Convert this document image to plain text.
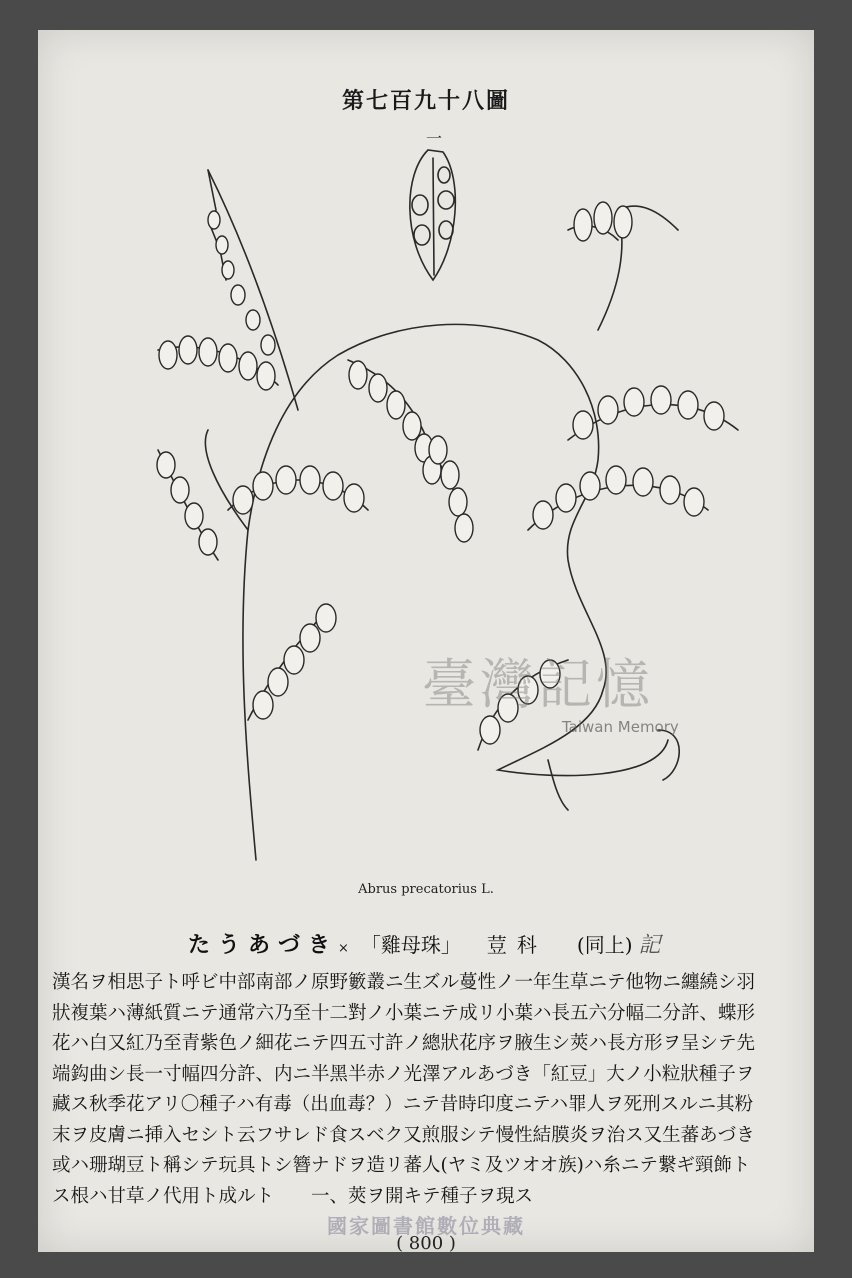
第七百九十八圖
一
臺灣記憶
Taiwan Memory
Abrus precatorius L.
たうあづき× 「雞母珠」 荳科 (同上) 記
漢名ヲ相思子ト呼ビ中部南部ノ原野籔叢ニ生ズル蔓性ノ一年生草ニテ他物ニ纏繞シ羽
狀複葉ハ薄紙質ニテ通常六乃至十二對ノ小葉ニテ成リ小葉ハ長五六分幅二分許、蝶形
花ハ白又紅乃至青紫色ノ細花ニテ四五寸許ノ總狀花序ヲ腋生シ莢ハ長方形ヲ呈シテ先
端鈎曲シ長一寸幅四分許、内ニ半黑半赤ノ光澤アルあづき「紅豆」大ノ小粒狀種子ヲ
藏ス秋季花アリ〇種子ハ有毒（出血毒？）ニテ昔時印度ニテハ罪人ヲ死刑スルニ其粉
末ヲ皮膚ニ挿入セシト云フサレド食スベク又煎服シテ慢性結膜炎ヲ治ス又生蕃あづき
或ハ珊瑚豆ト稱シテ玩具トシ簪ナドヲ造リ蕃人(ヤミ及ツオオ族)ハ糸ニテ繋ギ頸飾ト
ス根ハ甘草ノ代用ト成ルト　　一、莢ヲ開キテ種子ヲ現ス
國家圖書館數位典藏
( 800 )
